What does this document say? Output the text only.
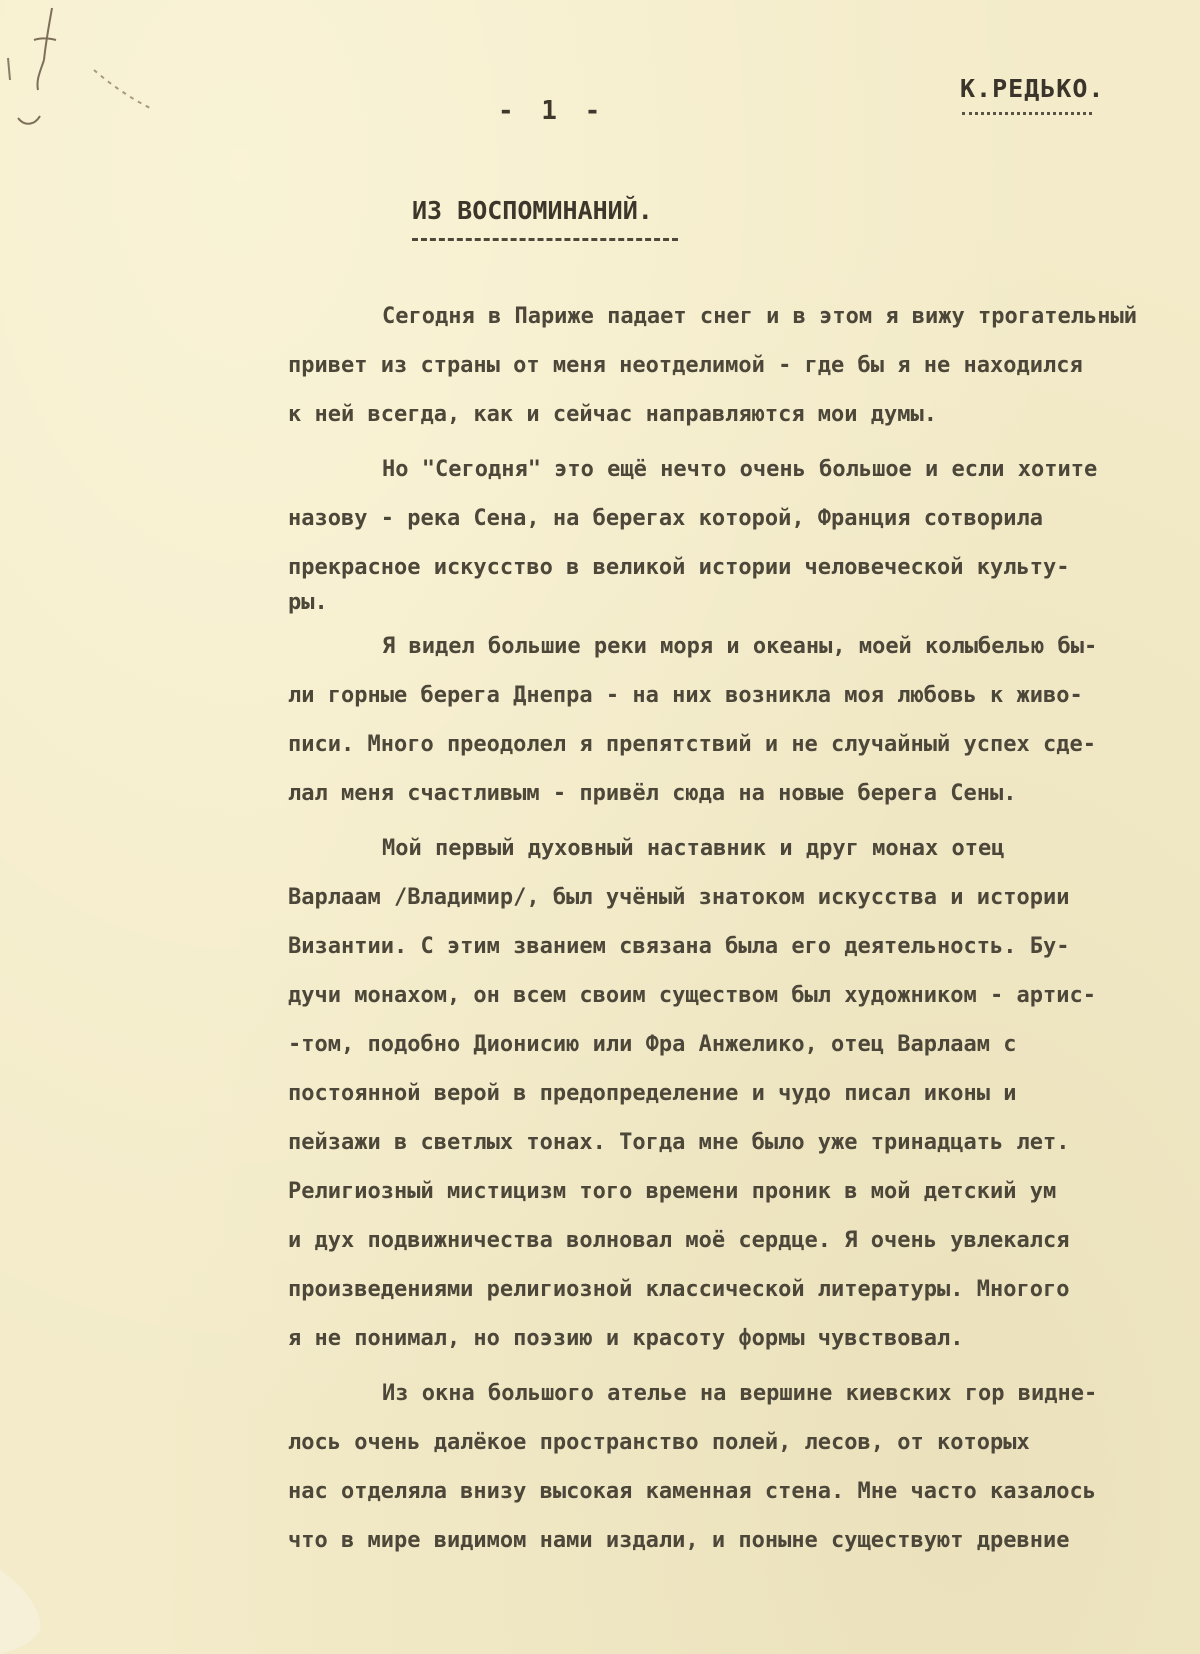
- 1 -
К.РЕДЬКО.
ИЗ ВОСПОМИНАНИЙ.
Сегодня в Париже падает снег и в этом я вижу трогательный
привет из страны от меня неотделимой - где бы я не находился
к ней всегда, как и сейчас направляются мои думы.
Но "Сегодня" это ещё нечто очень большое и если хотите
назову - река Сена, на берегах которой, Франция сотворила
прекрасное искусство в великой истории человеческой культу-
ры.
Я видел большие реки моря и океаны, моей колыбелью бы-
ли горные берега Днепра - на них возникла моя любовь к живо-
писи. Много преодолел я препятствий и не случайный успех сде-
лал меня счастливым - привёл сюда на новые берега Сены.
Мой первый духовный наставник и друг монах отец
Варлаам /Владимир/, был учёный знатоком искусства и истории
Византии. С этим званием связана была его деятельность. Бу-
дучи монахом, он всем своим существом был художником - артис-
-том, подобно Дионисию или Фра Анжелико, отец Варлаам с
постоянной верой в предопределение и чудо писал иконы и
пейзажи в светлых тонах. Тогда мне было уже тринадцать лет.
Религиозный мистицизм того времени проник в мой детский ум
и дух подвижничества волновал моё сердце. Я очень увлекался
произведениями религиозной классической литературы. Многого
я не понимал, но поэзию и красоту формы чувствовал.
Из окна большого ателье на вершине киевских гор видне-
лось очень далёкое пространство полей, лесов, от которых
нас отделяла внизу высокая каменная стена. Мне часто казалось
что в мире видимом нами издали, и поныне существуют древние
